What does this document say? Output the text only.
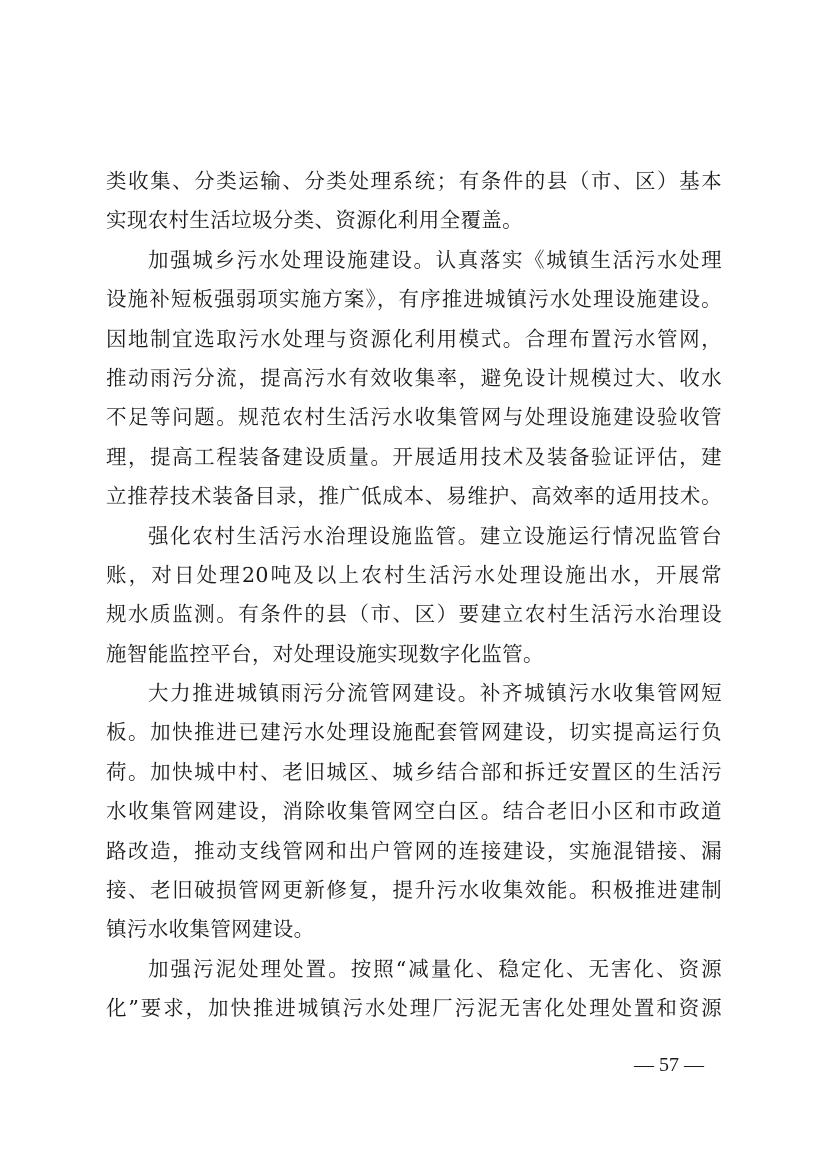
类收集、分类运输、分类处理系统；有条件的县（市、区）基本
实现农村生活垃圾分类、资源化利用全覆盖。
加强城乡污水处理设施建设。认真落实《城镇生活污水处理
设施补短板强弱项实施方案》，有序推进城镇污水处理设施建设。
因地制宜选取污水处理与资源化利用模式。合理布置污水管网，
推动雨污分流，提高污水有效收集率，避免设计规模过大、收水
不足等问题。规范农村生活污水收集管网与处理设施建设验收管
理，提高工程装备建设质量。开展适用技术及装备验证评估，建
立推荐技术装备目录，推广低成本、易维护、高效率的适用技术。
强化农村生活污水治理设施监管。建立设施运行情况监管台
账，对日处理20吨及以上农村生活污水处理设施出水，开展常
规水质监测。有条件的县（市、区）要建立农村生活污水治理设
施智能监控平台，对处理设施实现数字化监管。
大力推进城镇雨污分流管网建设。补齐城镇污水收集管网短
板。加快推进已建污水处理设施配套管网建设，切实提高运行负
荷。加快城中村、老旧城区、城乡结合部和拆迁安置区的生活污
水收集管网建设，消除收集管网空白区。结合老旧小区和市政道
路改造，推动支线管网和出户管网的连接建设，实施混错接、漏
接、老旧破损管网更新修复，提升污水收集效能。积极推进建制
镇污水收集管网建设。
加强污泥处理处置。按照“减量化、稳定化、无害化、资源
化”要求，加快推进城镇污水处理厂污泥无害化处理处置和资源
— 57 —
